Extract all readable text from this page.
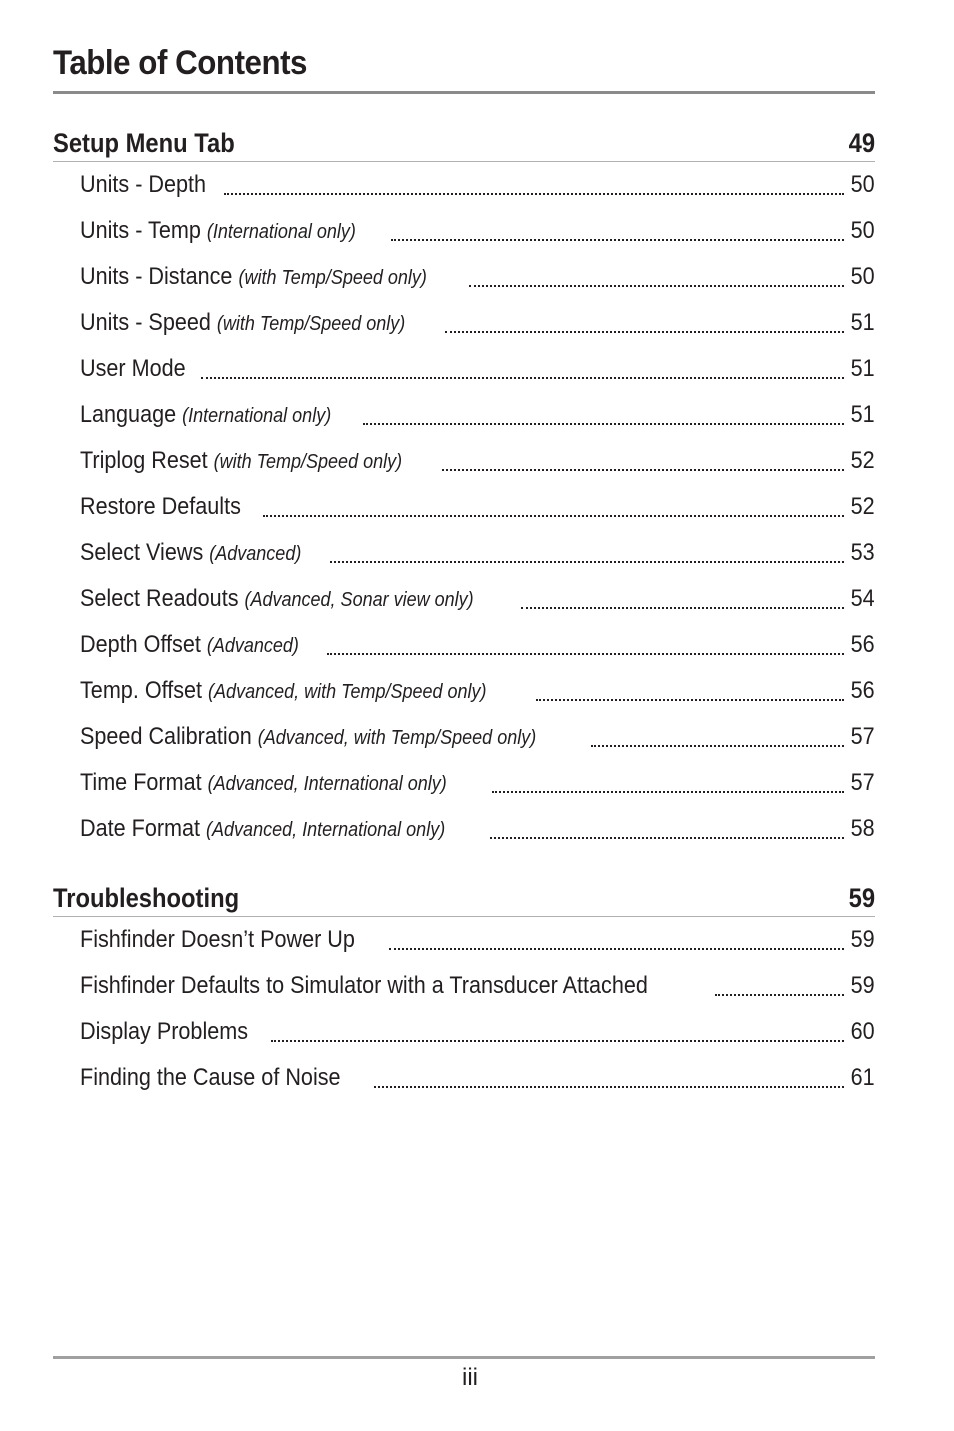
Table of Contents
Setup Menu Tab	49
Units - Depth	50
Units - Temp (International only)	50
Units - Distance (with Temp/Speed only)	50
Units - Speed (with Temp/Speed only)	51
User Mode	51
Language (International only)	51
Triplog Reset (with Temp/Speed only)	52
Restore Defaults	52
Select Views (Advanced)	53
Select Readouts (Advanced, Sonar view only)	54
Depth Offset (Advanced)	56
Temp. Offset (Advanced, with Temp/Speed only)	56
Speed Calibration (Advanced, with Temp/Speed only)	57
Time Format (Advanced, International only)	57
Date Format (Advanced, International only)	58
Troubleshooting	59
Fishfinder Doesn’t Power Up	59
Fishfinder Defaults to Simulator with a Transducer Attached	59
Display Problems	60
Finding the Cause of Noise	61
iii
